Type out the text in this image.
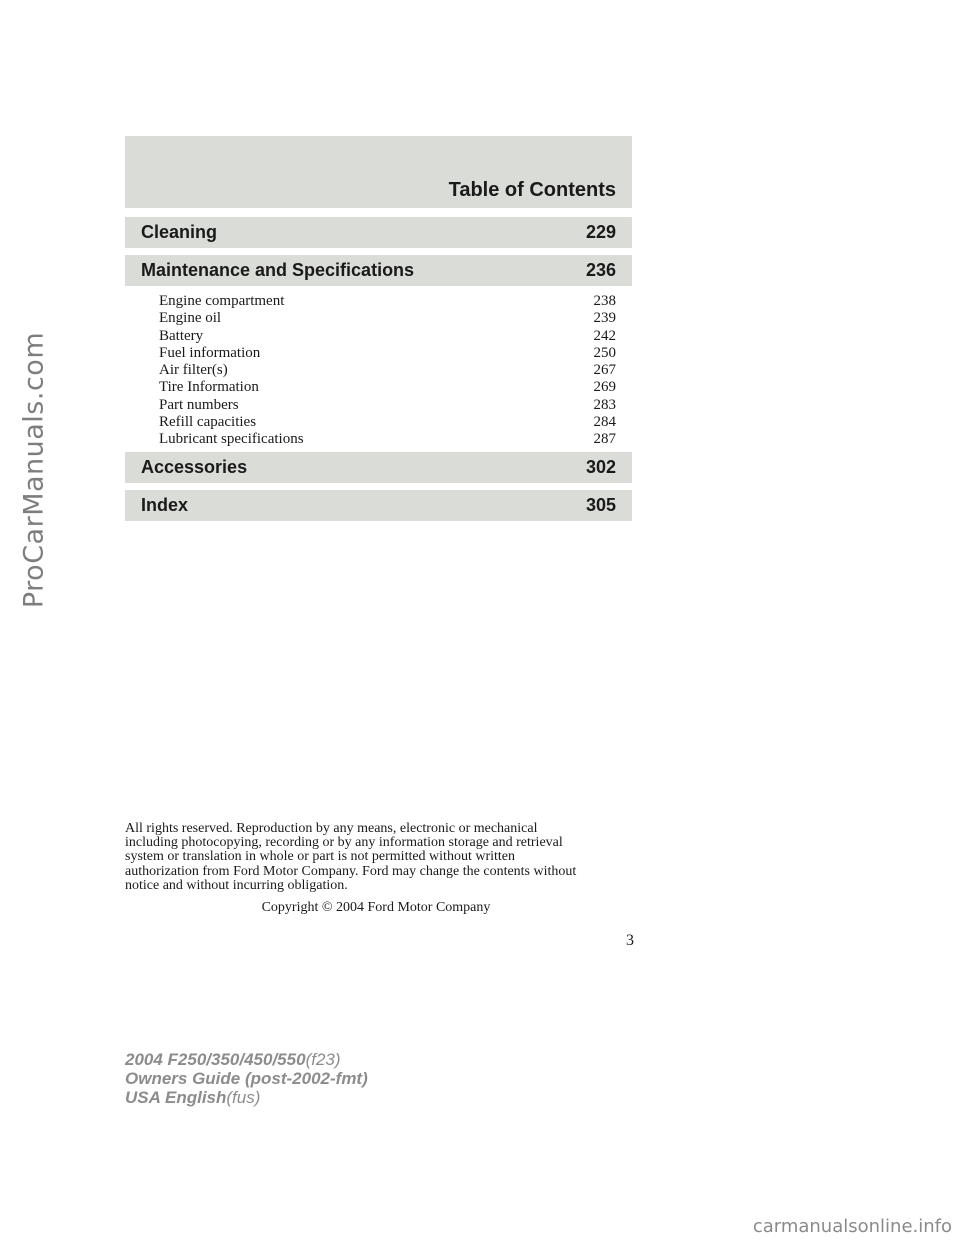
ProCarManuals.com
Table of Contents
Cleaning	229
Maintenance and Specifications	236
Engine compartment	238
Engine oil	239
Battery	242
Fuel information	250
Air filter(s)	267
Tire Information	269
Part numbers	283
Refill capacities	284
Lubricant specifications	287
Accessories	302
Index	305
All rights reserved. Reproduction by any means, electronic or mechanical
including photocopying, recording or by any information storage and retrieval
system or translation in whole or part is not permitted without written
authorization from Ford Motor Company. Ford may change the contents without
notice and without incurring obligation.
Copyright © 2004 Ford Motor Company
3
2004 F250/350/450/550(f23)
Owners Guide (post-2002-fmt)
USA English(fus)
carmanualsonline.info
